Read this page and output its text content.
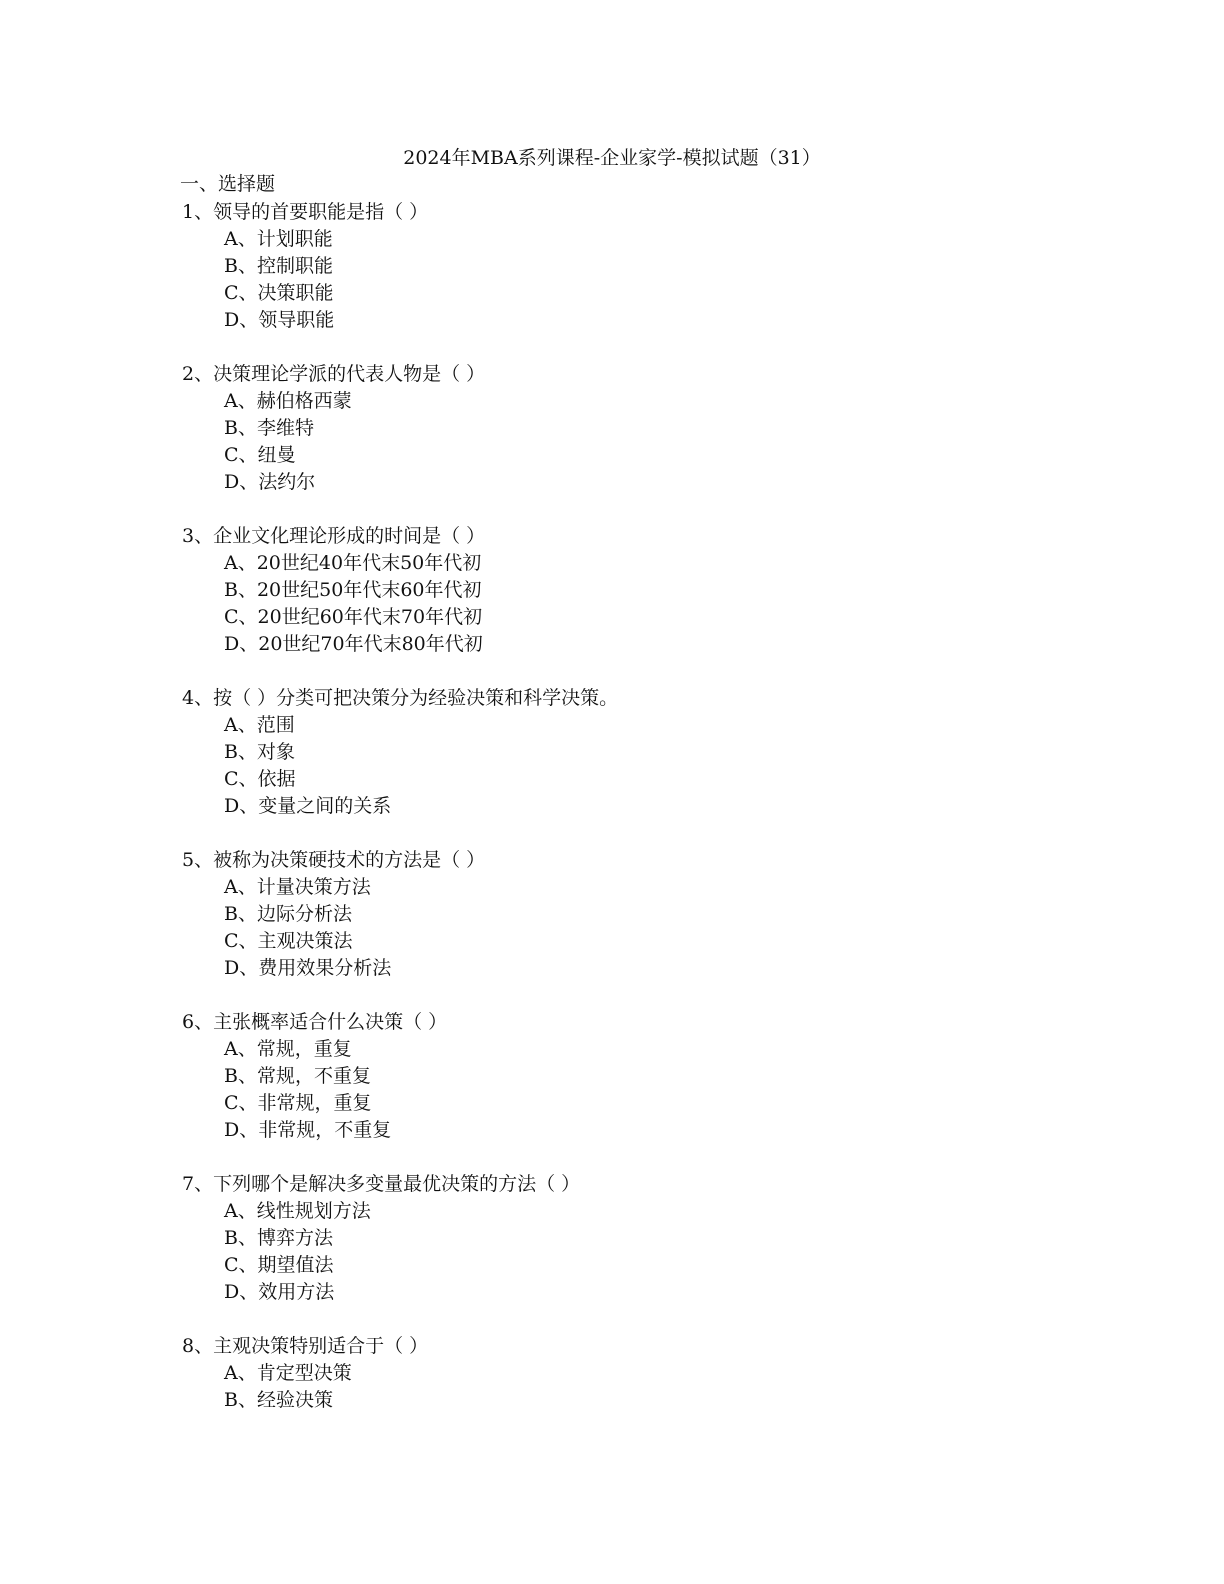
2024年MBA系列课程-企业家学-模拟试题（31）
一、选择题
1、领导的首要职能是指（ ）
A、计划职能
B、控制职能
C、决策职能
D、领导职能
2、决策理论学派的代表人物是（ ）
A、赫伯格西蒙
B、李维特
C、纽曼
D、法约尔
3、企业文化理论形成的时间是（ ）
A、20世纪40年代末50年代初
B、20世纪50年代末60年代初
C、20世纪60年代末70年代初
D、20世纪70年代末80年代初
4、按（ ）分类可把决策分为经验决策和科学决策。
A、范围
B、对象
C、依据
D、变量之间的关系
5、被称为决策硬技术的方法是（ ）
A、计量决策方法
B、边际分析法
C、主观决策法
D、费用效果分析法
6、主张概率适合什么决策（ ）
A、常规，重复
B、常规，不重复
C、非常规，重复
D、非常规，不重复
7、下列哪个是解决多变量最优决策的方法（ ）
A、线性规划方法
B、博弈方法
C、期望值法
D、效用方法
8、主观决策特别适合于（ ）
A、肯定型决策
B、经验决策
